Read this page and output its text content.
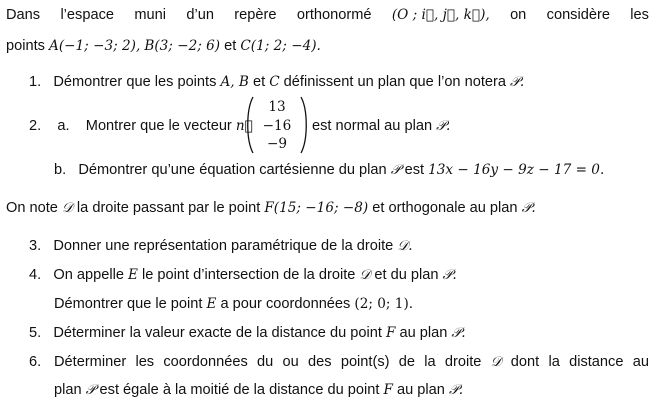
Dans l’espace muni d’un repère orthonormé (O ; i⃗, j⃗, k⃗), on considère les
points A(−1; −3; 2), B(3; −2; 6) et C(1; 2; −4).
1. Démontrer que les points A, B et C définissent un plan que l’on notera 𝒫.
2. a. Montrer que le vecteur n⃗
13
−16
−9
est normal au plan 𝒫.
b. Démontrer qu’une équation cartésienne du plan 𝒫 est 13x − 16y − 9z − 17 = 0.
On note 𝒟 la droite passant par le point F(15; −16; −8) et orthogonale au plan 𝒫.
3. Donner une représentation paramétrique de la droite 𝒟.
4. On appelle E le point d’intersection de la droite 𝒟 et du plan 𝒫.
Démontrer que le point E a pour coordonnées (2; 0; 1).
5. Déterminer la valeur exacte de la distance du point F au plan 𝒫.
6. Déterminer les coordonnées du ou des point(s) de la droite 𝒟 dont la distance au
plan 𝒫 est égale à la moitié de la distance du point F au plan 𝒫.
